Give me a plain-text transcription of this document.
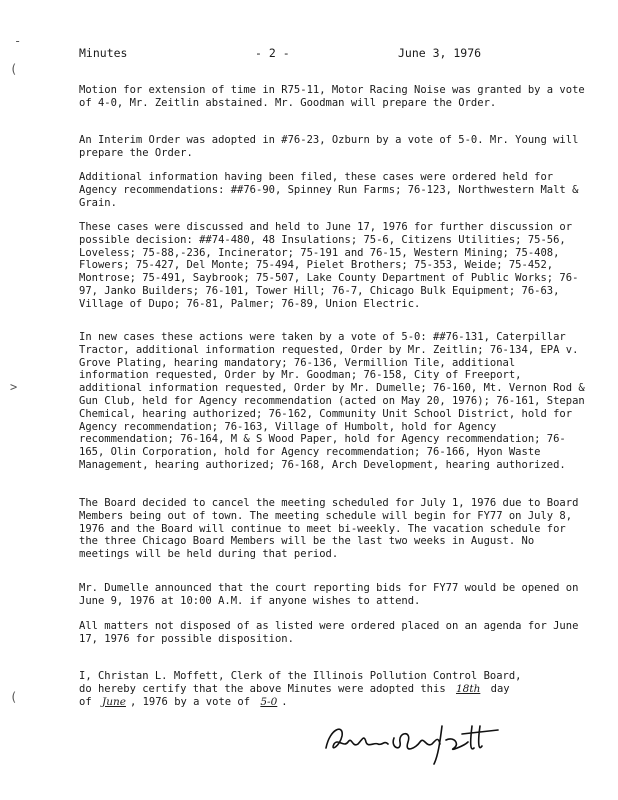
Minutes	- 2 -	June 3, 1976

Motion for extension of time in R75-11, Motor Racing Noise was granted by a vote of 4-0, Mr. Zeitlin abstained. Mr. Goodman will prepare the Order.

An Interim Order was adopted in #76-23, Ozburn by a vote of 5-0. Mr. Young will prepare the Order.

Additional information having been filed, these cases were ordered held for Agency recommendations: ##76-90, Spinney Run Farms; 76-123, Northwestern Malt & Grain.

These cases were discussed and held to June 17, 1976 for further discussion or possible decision: ##74-480, 48 Insulations; 75-6, Citizens Utilities; 75-56, Loveless; 75-88,-236, Incinerator; 75-191 and 76-15, Western Mining; 75-408, Flowers; 75-427, Del Monte; 75-494, Pielet Brothers; 75-353, Weide; 75-452, Montrose; 75-491, Saybrook; 75-507, Lake County Department of Public Works; 76-97, Janko Builders; 76-101, Tower Hill; 76-7, Chicago Bulk Equipment; 76-63, Village of Dupo; 76-81, Palmer; 76-89, Union Electric.

In new cases these actions were taken by a vote of 5-0: ##76-131, Caterpillar Tractor, additional information requested, Order by Mr. Zeitlin; 76-134, EPA v. Grove Plating, hearing mandatory; 76-136, Vermillion Tile, additional information requested, Order by Mr. Goodman; 76-158, City of Freeport, additional information requested, Order by Mr. Dumelle; 76-160, Mt. Vernon Rod & Gun Club, held for Agency recommendation (acted on May 20, 1976); 76-161, Stepan Chemical, hearing authorized; 76-162, Community Unit School District, hold for Agency recommendation; 76-163, Village of Humbolt, hold for Agency recommendation; 76-164, M & S Wood Paper, hold for Agency recommendation; 76-165, Olin Corporation, hold for Agency recommendation; 76-166, Hyon Waste Management, hearing authorized; 76-168, Arch Development, hearing authorized.

The Board decided to cancel the meeting scheduled for July 1, 1976 due to Board Members being out of town. The meeting schedule will begin for FY77 on July 8, 1976 and the Board will continue to meet bi-weekly. The vacation schedule for the three Chicago Board Members will be the last two weeks in August. No meetings will be held during that period.

Mr. Dumelle announced that the court reporting bids for FY77 would be opened on June 9, 1976 at 10:00 A.M. if anyone wishes to attend.

All matters not disposed of as listed were ordered placed on an agenda for June 17, 1976 for possible disposition.

I, Christan L. Moffett, Clerk of the Illinois Pollution Control Board,
do hereby certify that the above Minutes were adopted this 18th day
of June , 1976 by a vote of 5-0 .
-
(
>
(
